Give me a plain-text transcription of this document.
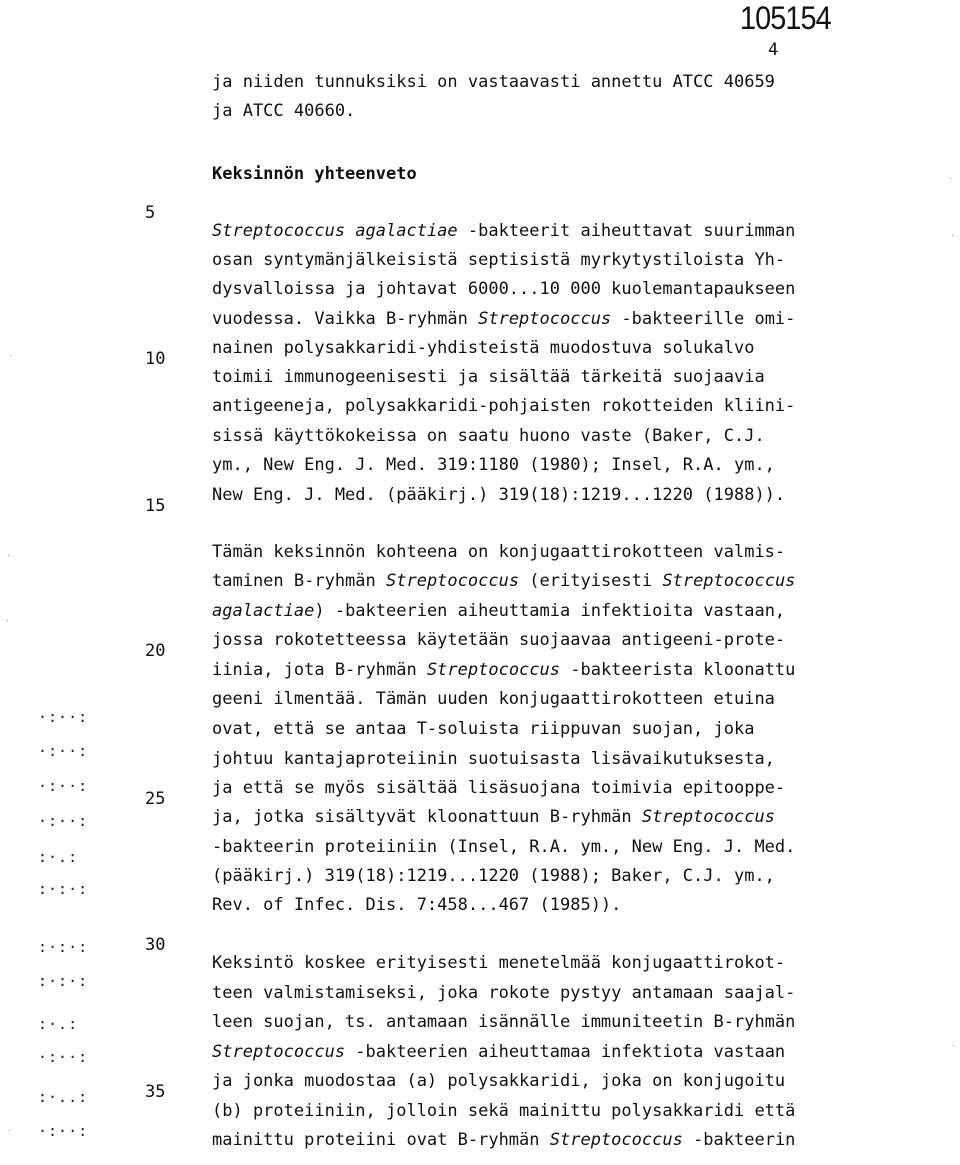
105154
4
5
10
15
20
25
30
35
ja niiden tunnuksiksi on vastaavasti annettu ATCC 40659
ja ATCC 40660.
Keksinnön yhteenveto
Streptococcus agalactiae -bakteerit aiheuttavat suurimman
osan syntymänjälkeisistä septisistä myrkytystiloista Yh-
dysvalloissa ja johtavat 6000...10 000 kuolemantapaukseen
vuodessa. Vaikka B-ryhmän Streptococcus -bakteerille omi-
nainen polysakkaridi-yhdisteistä muodostuva solukalvo
toimii immunogeenisesti ja sisältää tärkeitä suojaavia
antigeeneja, polysakkaridi-pohjaisten rokotteiden kliini-
sissä käyttökokeissa on saatu huono vaste (Baker, C.J.
ym., New Eng. J. Med. 319:1180 (1980); Insel, R.A. ym.,
New Eng. J. Med. (pääkirj.) 319(18):1219...1220 (1988)).
Tämän keksinnön kohteena on konjugaattirokotteen valmis-
taminen B-ryhmän Streptococcus (erityisesti Streptococcus
agalactiae) -bakteerien aiheuttamia infektioita vastaan,
jossa rokotetteessa käytetään suojaavaa antigeeni-prote-
iinia, jota B-ryhmän Streptococcus -bakteerista kloonattu
geeni ilmentää. Tämän uuden konjugaattirokotteen etuina
ovat, että se antaa T-soluista riippuvan suojan, joka
johtuu kantajaproteiinin suotuisasta lisävaikutuksesta,
ja että se myös sisältää lisäsuojana toimivia epitooppe-
ja, jotka sisältyvät kloonattuun B-ryhmän Streptococcus
-bakteerin proteiiniin (Insel, R.A. ym., New Eng. J. Med.
(pääkirj.) 319(18):1219...1220 (1988); Baker, C.J. ym.,
Rev. of Infec. Dis. 7:458...467 (1985)).
Keksintö koskee erityisesti menetelmää konjugaattirokot-
teen valmistamiseksi, joka rokote pystyy antamaan saajal-
leen suojan, ts. antamaan isännälle immuniteetin B-ryhmän
Streptococcus -bakteerien aiheuttamaa infektiota vastaan
ja jonka muodostaa (a) polysakkaridi, joka on konjugoitu
(b) proteiiniin, jolloin sekä mainittu polysakkaridi että
mainittu proteiini ovat B-ryhmän Streptococcus -bakteerin
·:··:
·:··:
·:··:
·:··:
:·.:
:·:·:
:·:·:
:·:·:
:·.:
·:··:
:·..:
·:··:
